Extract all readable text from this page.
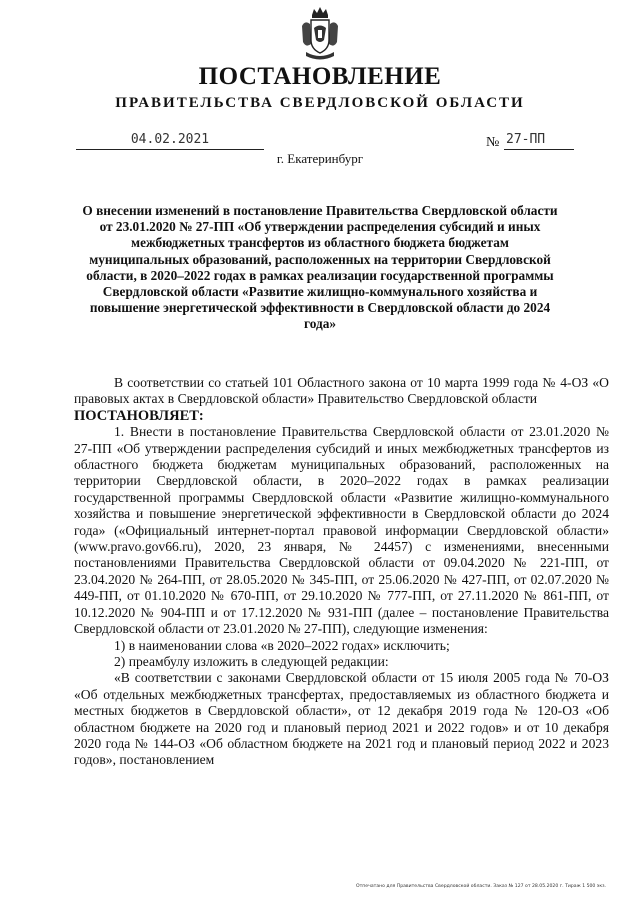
ПОСТАНОВЛЕНИЕ
ПРАВИТЕЛЬСТВА СВЕРДЛОВСКОЙ ОБЛАСТИ
04.02.2021	№ 27-ПП
г. Екатеринбург
О внесении изменений в постановление Правительства Свердловской области от 23.01.2020 № 27-ПП «Об утверждении распределения субсидий и иных межбюджетных трансфертов из областного бюджета бюджетам муниципальных образований, расположенных на территории Свердловской области, в 2020–2022 годах в рамках реализации государственной программы Свердловской области «Развитие жилищно-коммунального хозяйства и повышение энергетической эффективности в Свердловской области до 2024 года»

В соответствии со статьей 101 Областного закона от 10 марта 1999 года № 4-ОЗ «О правовых актах в Свердловской области» Правительство Свердловской области

ПОСТАНОВЛЯЕТ:

1. Внести в постановление Правительства Свердловской области от 23.01.2020 № 27-ПП «Об утверждении распределения субсидий и иных межбюджетных трансфертов из областного бюджета бюджетам муниципальных образований, расположенных на территории Свердловской области, в 2020–2022 годах в рамках реализации государственной программы Свердловской области «Развитие жилищно-коммунального хозяйства и повышение энергетической эффективности в Свердловской области до 2024 года» («Официальный интернет-портал правовой информации Свердловской области» (www.pravo.gov66.ru), 2020, 23 января, № 24457) с изменениями, внесенными постановлениями Правительства Свердловской области от 09.04.2020 № 221-ПП, от 23.04.2020 № 264-ПП, от 28.05.2020 № 345-ПП, от 25.06.2020 № 427-ПП, от 02.07.2020 № 449-ПП, от 01.10.2020 № 670-ПП, от 29.10.2020 № 777-ПП, от 27.11.2020 № 861-ПП, от 10.12.2020 № 904-ПП и от 17.12.2020 № 931-ПП (далее – постановление Правительства Свердловской области от 23.01.2020 № 27-ПП), следующие изменения:

1) в наименовании слова «в 2020–2022 годах» исключить;

2) преамбулу изложить в следующей редакции:

«В соответствии с законами Свердловской области от 15 июля 2005 года № 70-ОЗ «Об отдельных межбюджетных трансфертах, предоставляемых из областного бюджета и местных бюджетов в Свердловской области», от 12 декабря 2019 года № 120-ОЗ «Об областном бюджете на 2020 год и плановый период 2021 и 2022 годов» и от 10 декабря 2020 года № 144-ОЗ «Об областном бюджете на 2021 год и плановый период 2022 и 2023 годов», постановлением

Отпечатано для Правительства Свердловской области. Заказ № 127 от 28.05.2020 г. Тираж 1 500 экз.
